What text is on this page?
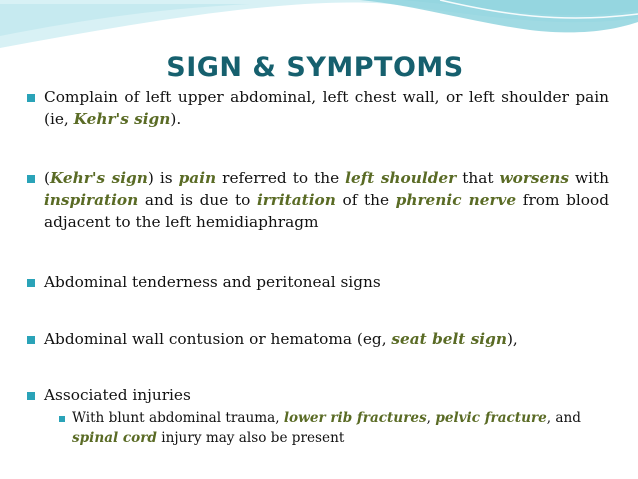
SIGN & SYMPTOMS
Complain of left upper abdominal, left chest wall, or left shoulder pain (ie, Kehr's sign).
(Kehr's sign) is pain referred to the left shoulder that worsens with inspiration and is due to irritation of the phrenic nerve from blood adjacent to the left hemidiaphragm
Abdominal tenderness and peritoneal signs
Abdominal wall contusion or hematoma (eg, seat belt sign),
Associated injuries
With blunt abdominal trauma, lower rib fractures, pelvic fracture, and spinal cord injury may also be present
